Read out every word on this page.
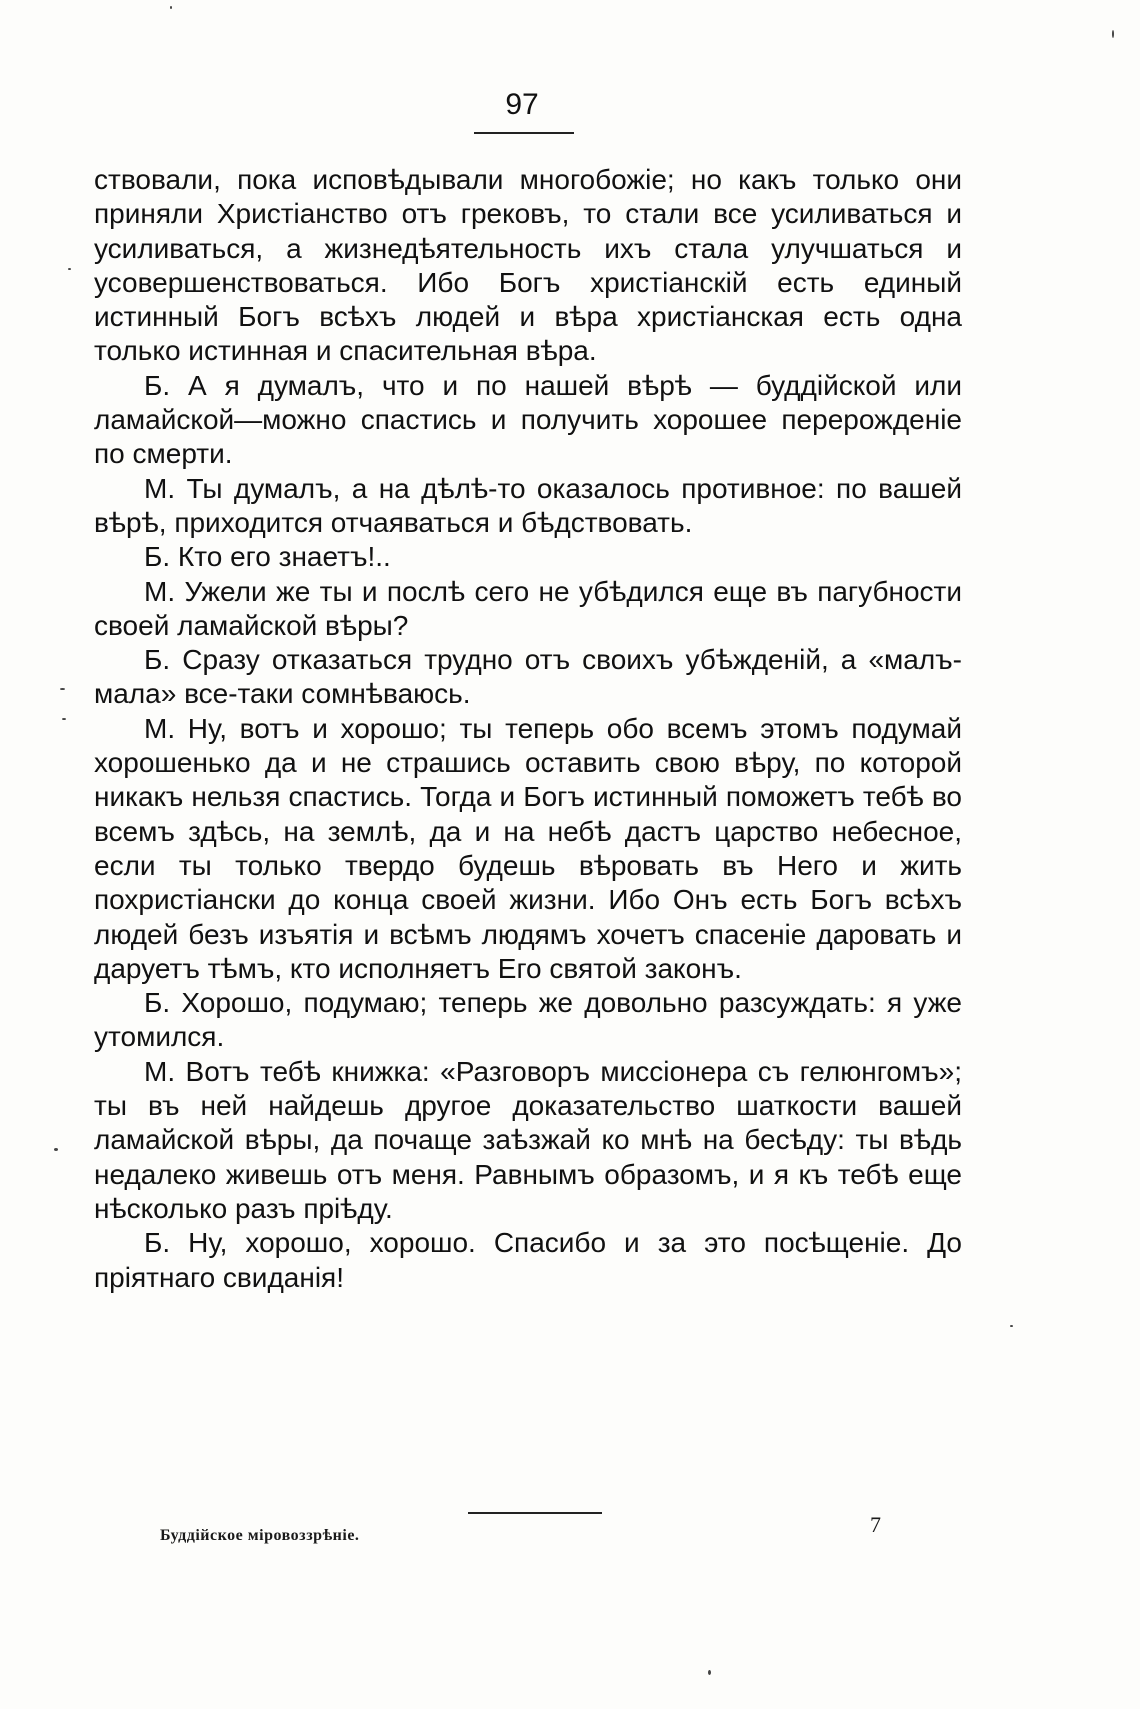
97

ствовали, пока исповѣдывали многобожіе; но какъ только они приняли Христіанство отъ грековъ, то стали все усиливаться и усиливаться, а жизнедѣятельность ихъ стала улучшаться и усовершенствоваться. Ибо Богъ христіанскій есть единый истинный Богъ всѣхъ людей и вѣра христіанская есть одна только истинная и спасительная вѣра.

Б. А я думалъ, что и по нашей вѣрѣ — буддійской или ламайской—можно спастись и получить хорошее перерожденіе по смерти.

М. Ты думалъ, а на дѣлѣ-то оказалось противное: по вашей вѣрѣ, приходится отчаяваться и бѣдствовать.

Б. Кто его знаетъ!..

М. Ужели же ты и послѣ сего не убѣдился еще въ пагубности своей ламайской вѣры?

Б. Сразу отказаться трудно отъ своихъ убѣжденій, а «малъ-мала» все-таки сомнѣваюсь.

М. Ну, вотъ и хорошо; ты теперь обо всемъ этомъ подумай хорошенько да и не страшись оставить свою вѣру, по которой никакъ нельзя спастись. Тогда и Богъ истинный поможетъ тебѣ во всемъ здѣсь, на землѣ, да и на небѣ дастъ царство небесное, если ты только твердо будешь вѣровать въ Него и жить похристіански до конца своей жизни. Ибо Онъ есть Богъ всѣхъ людей безъ изъятія и всѣмъ людямъ хочетъ спасеніе даровать и даруетъ тѣмъ, кто исполняетъ Его святой законъ.

Б. Хорошо, подумаю; теперь же довольно разсуждать: я уже утомился.

М. Вотъ тебѣ книжка: «Разговоръ миссіонера съ гелюнгомъ»; ты въ ней найдешь другое доказательство шаткости вашей ламайской вѣры, да почаще заѣзжай ко мнѣ на бесѣду: ты вѣдь недалеко живешь отъ меня. Равнымъ образомъ, и я къ тебѣ еще нѣсколько разъ пріѣду.

Б. Ну, хорошо, хорошо. Спасибо и за это посѣщеніе. До пріятнаго свиданія!

Буддійское міровоззрѣніе.	7
